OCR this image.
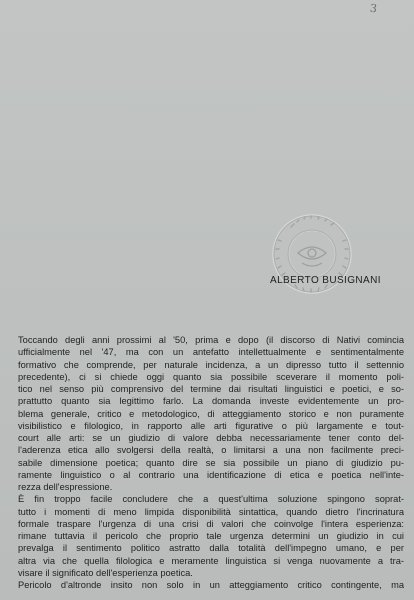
3
ALBERTO BUSIGNANI
Toccando degli anni prossimi al '50, prima e dopo (il discorso di Nativi comincia
ufficialmente nel '47, ma con un antefatto intellettualmente e sentimentalmente
formativo che comprende, per naturale incidenza, a un dipresso tutto il settennio
precedente), ci si chiede oggi quanto sia possibile sceverare il momento poli-
tico nel senso più comprensivo del termine dai risultati linguistici e poetici, e so-
prattutto quanto sia legittimo farlo. La domanda investe evidentemente un pro-
blema generale, critico e metodologico, di atteggiamento storico e non puramente
visibilistico e filologico, in rapporto alle arti figurative o più largamente e tout-
court alle arti: se un giudizio di valore debba necessariamente tener conto del-
l'aderenza etica allo svolgersi della realtà, o limitarsi a una non facilmente preci-
sabile dimensione poetica; quanto dire se sia possibile un piano di giudizio pu-
ramente linguistico o al contrario una identificazione di etica e poetica nell'inte-
rezza dell'espressione.
È fin troppo facile concludere che a quest'ultima soluzione spingono soprat-
tutto i momenti di meno limpida disponibilità sintattica, quando dietro l'incrinatura
formale traspare l'urgenza di una crisi di valori che coinvolge l'intera esperienza:
rimane tuttavia il pericolo che proprio tale urgenza determini un giudizio in cui
prevalga il sentimento politico astratto dalla totalità dell'impegno umano, e per
altra via che quella filologica e meramente linguistica si venga nuovamente a tra-
visare il significato dell'esperienza poetica.
Pericolo d'altronde insito non solo in un atteggiamento critico contingente, ma
